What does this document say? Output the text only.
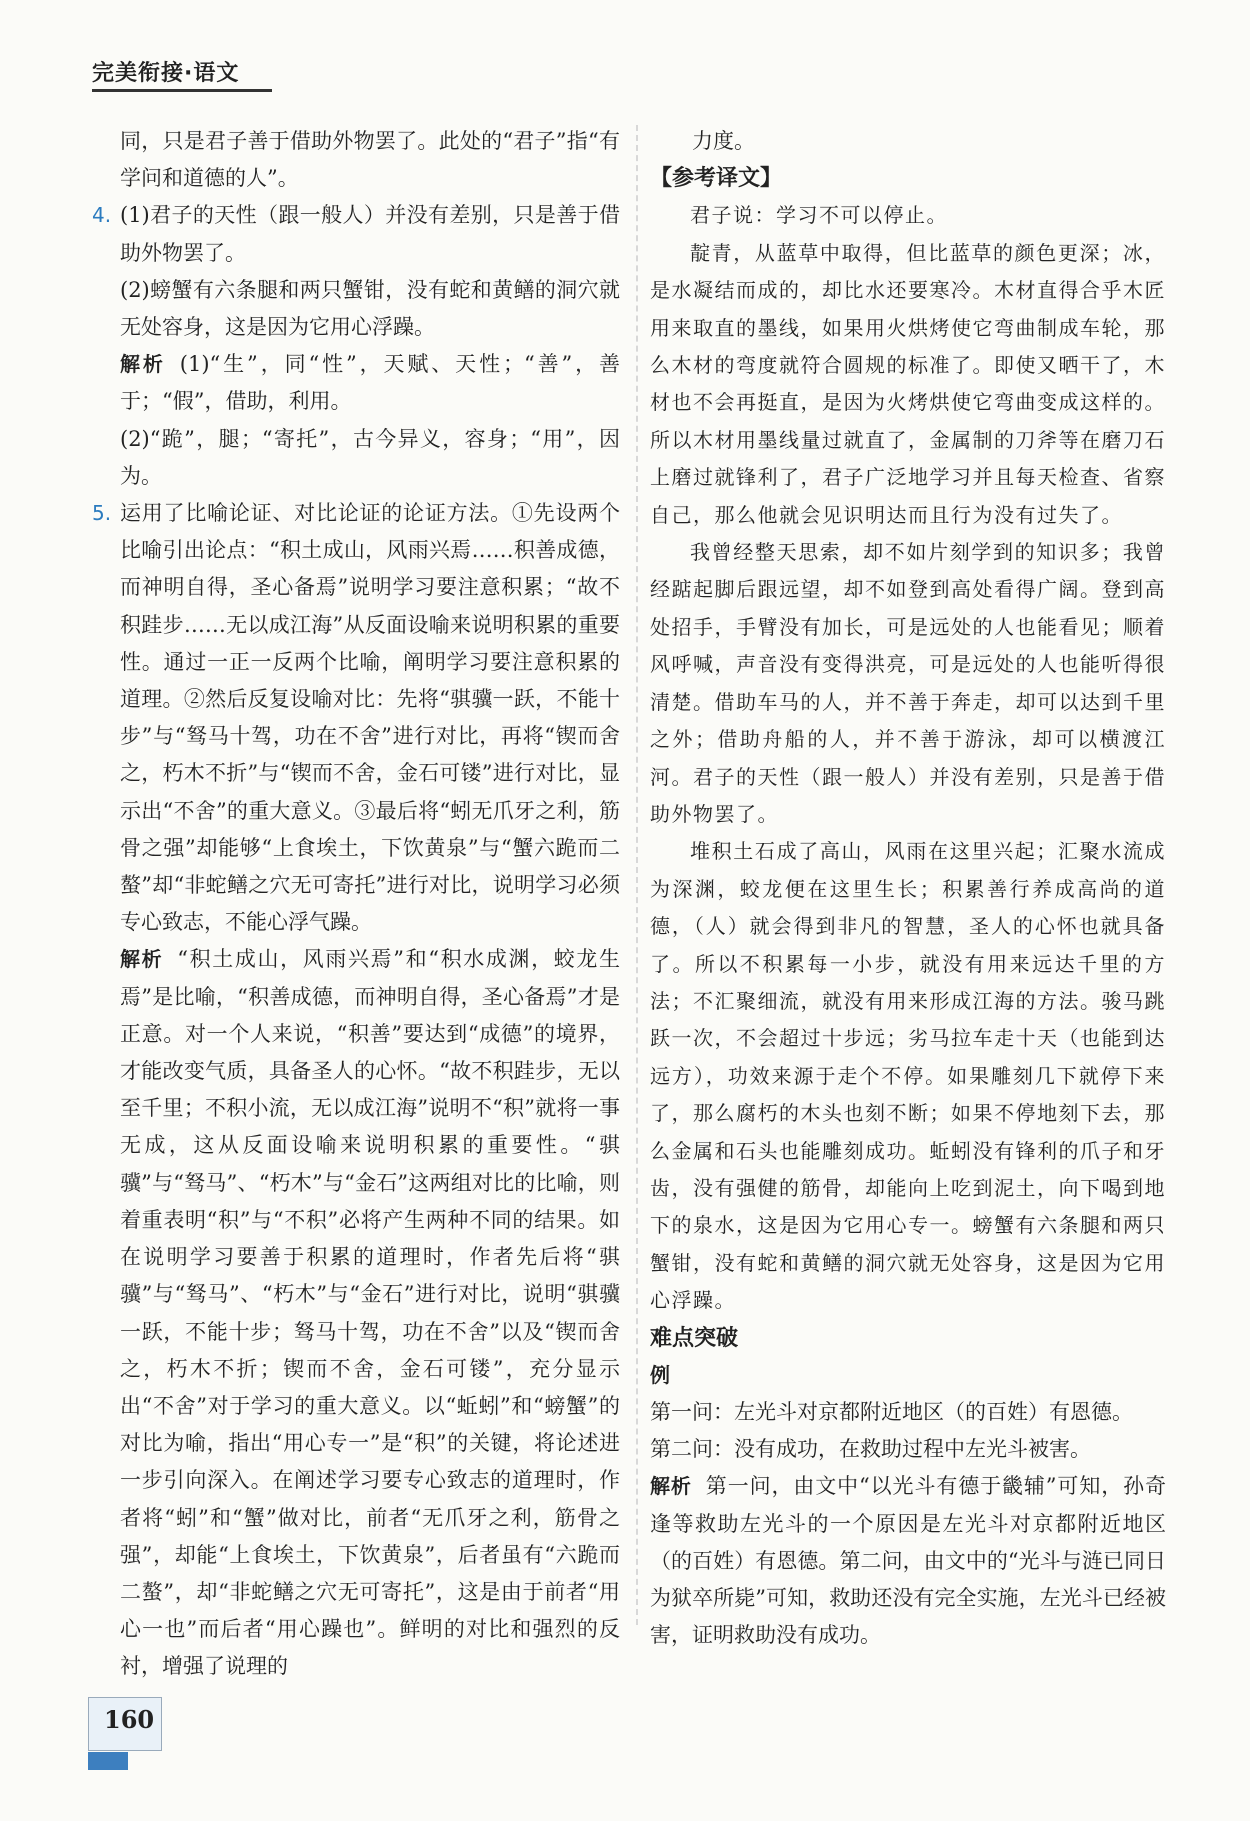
完美衔接·语文

同，只是君子善于借助外物罢了。此处的“君子”指“有学问和道德的人”。

4. (1)君子的天性（跟一般人）并没有差别，只是善于借助外物罢了。

(2)螃蟹有六条腿和两只蟹钳，没有蛇和黄鳝的洞穴就无处容身，这是因为它用心浮躁。

解析 (1)“生”，同“性”，天赋、天性；“善”，善于；“假”，借助，利用。

(2)“跪”，腿；“寄托”，古今异义，容身；“用”，因为。

5. 运用了比喻论证、对比论证的论证方法。①先设两个比喻引出论点：“积土成山，风雨兴焉……积善成德，而神明自得，圣心备焉”说明学习要注意积累；“故不积跬步……无以成江海”从反面设喻来说明积累的重要性。通过一正一反两个比喻，阐明学习要注意积累的道理。②然后反复设喻对比：先将“骐骥一跃，不能十步”与“驽马十驾，功在不舍”进行对比，再将“锲而舍之，朽木不折”与“锲而不舍，金石可镂”进行对比，显示出“不舍”的重大意义。③最后将“蚓无爪牙之利，筋骨之强”却能够“上食埃土，下饮黄泉”与“蟹六跪而二螯”却“非蛇鳝之穴无可寄托”进行对比，说明学习必须专心致志，不能心浮气躁。

解析 “积土成山，风雨兴焉”和“积水成渊，蛟龙生焉”是比喻，“积善成德，而神明自得，圣心备焉”才是正意。对一个人来说，“积善”要达到“成德”的境界，才能改变气质，具备圣人的心怀。“故不积跬步，无以至千里；不积小流，无以成江海”说明不“积”就将一事无成，这从反面设喻来说明积累的重要性。“骐骥”与“驽马”、“朽木”与“金石”这两组对比的比喻，则着重表明“积”与“不积”必将产生两种不同的结果。如在说明学习要善于积累的道理时，作者先后将“骐骥”与“驽马”、“朽木”与“金石”进行对比，说明“骐骥一跃，不能十步；驽马十驾，功在不舍”以及“锲而舍之，朽木不折；锲而不舍，金石可镂”，充分显示出“不舍”对于学习的重大意义。以“蚯蚓”和“螃蟹”的对比为喻，指出“用心专一”是“积”的关键，将论述进一步引向深入。在阐述学习要专心致志的道理时，作者将“蚓”和“蟹”做对比，前者“无爪牙之利，筋骨之强”，却能“上食埃土，下饮黄泉”，后者虽有“六跪而二螯”，却“非蛇鳝之穴无可寄托”，这是由于前者“用心一也”而后者“用心躁也”。鲜明的对比和强烈的反衬，增强了说理的

力度。

【参考译文】

君子说：学习不可以停止。

靛青，从蓝草中取得，但比蓝草的颜色更深；冰，是水凝结而成的，却比水还要寒冷。木材直得合乎木匠用来取直的墨线，如果用火烘烤使它弯曲制成车轮，那么木材的弯度就符合圆规的标准了。即使又晒干了，木材也不会再挺直，是因为火烤烘使它弯曲变成这样的。所以木材用墨线量过就直了，金属制的刀斧等在磨刀石上磨过就锋利了，君子广泛地学习并且每天检查、省察自己，那么他就会见识明达而且行为没有过失了。

我曾经整天思索，却不如片刻学到的知识多；我曾经踮起脚后跟远望，却不如登到高处看得广阔。登到高处招手，手臂没有加长，可是远处的人也能看见；顺着风呼喊，声音没有变得洪亮，可是远处的人也能听得很清楚。借助车马的人，并不善于奔走，却可以达到千里之外；借助舟船的人，并不善于游泳，却可以横渡江河。君子的天性（跟一般人）并没有差别，只是善于借助外物罢了。

堆积土石成了高山，风雨在这里兴起；汇聚水流成为深渊，蛟龙便在这里生长；积累善行养成高尚的道德，（人）就会得到非凡的智慧，圣人的心怀也就具备了。所以不积累每一小步，就没有用来远达千里的方法；不汇聚细流，就没有用来形成江海的方法。骏马跳跃一次，不会超过十步远；劣马拉车走十天（也能到达远方），功效来源于走个不停。如果雕刻几下就停下来了，那么腐朽的木头也刻不断；如果不停地刻下去，那么金属和石头也能雕刻成功。蚯蚓没有锋利的爪子和牙齿，没有强健的筋骨，却能向上吃到泥土，向下喝到地下的泉水，这是因为它用心专一。螃蟹有六条腿和两只蟹钳，没有蛇和黄鳝的洞穴就无处容身，这是因为它用心浮躁。

难点突破

例

第一问：左光斗对京都附近地区（的百姓）有恩德。

第二问：没有成功，在救助过程中左光斗被害。

解析 第一问，由文中“以光斗有德于畿辅”可知，孙奇逢等救助左光斗的一个原因是左光斗对京都附近地区（的百姓）有恩德。第二问，由文中的“光斗与涟已同日为狱卒所毙”可知，救助还没有完全实施，左光斗已经被害，证明救助没有成功。

160
